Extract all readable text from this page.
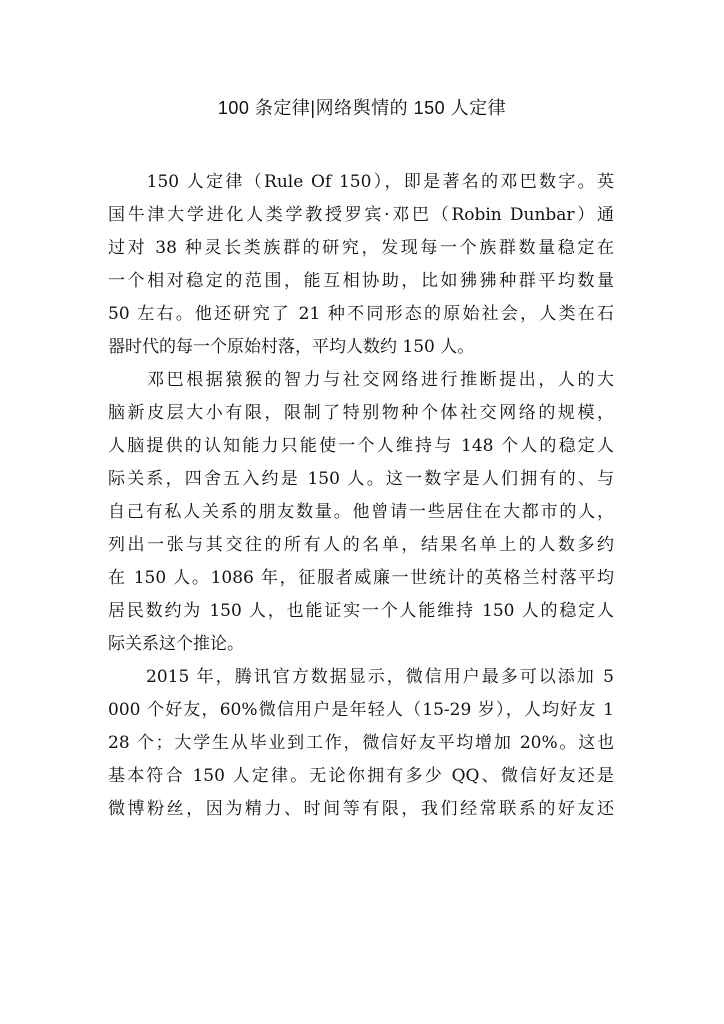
100 条定律|网络舆情的 150 人定律
　　150 人定律（Rule Of 150），即是著名的邓巴数字。英
国牛津大学进化人类学教授罗宾·邓巴（Robin Dunbar）通
过对 38 种灵长类族群的研究，发现每一个族群数量稳定在
一个相对稳定的范围，能互相协助，比如狒狒种群平均数量
50 左右。他还研究了 21 种不同形态的原始社会，人类在石
器时代的每一个原始村落，平均人数约 150 人。
　　邓巴根据猿猴的智力与社交网络进行推断提出，人的大
脑新皮层大小有限，限制了特别物种个体社交网络的规模，
人脑提供的认知能力只能使一个人维持与 148 个人的稳定人
际关系，四舍五入约是 150 人。这一数字是人们拥有的、与
自己有私人关系的朋友数量。他曾请一些居住在大都市的人，
列出一张与其交往的所有人的名单，结果名单上的人数多约
在 150 人。1086 年，征服者威廉一世统计的英格兰村落平均
居民数约为 150 人，也能证实一个人能维持 150 人的稳定人
际关系这个推论。
　　2015 年，腾讯官方数据显示，微信用户最多可以添加 5
000 个好友，60%微信用户是年轻人（15-29 岁），人均好友 1
28 个；大学生从毕业到工作，微信好友平均增加 20%。这也
基本符合 150 人定律。无论你拥有多少 QQ、微信好友还是
微博粉丝，因为精力、时间等有限，我们经常联系的好友还
